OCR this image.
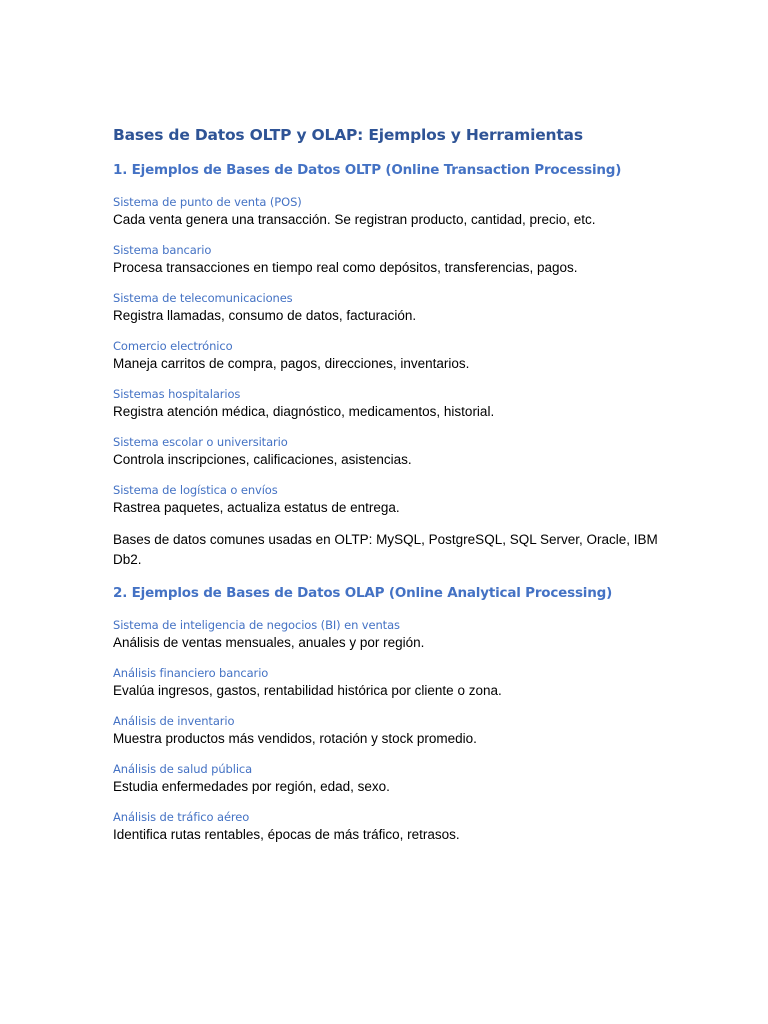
Bases de Datos OLTP y OLAP: Ejemplos y Herramientas
1. Ejemplos de Bases de Datos OLTP (Online Transaction Processing)
Sistema de punto de venta (POS)
Cada venta genera una transacción. Se registran producto, cantidad, precio, etc.
Sistema bancario
Procesa transacciones en tiempo real como depósitos, transferencias, pagos.
Sistema de telecomunicaciones
Registra llamadas, consumo de datos, facturación.
Comercio electrónico
Maneja carritos de compra, pagos, direcciones, inventarios.
Sistemas hospitalarios
Registra atención médica, diagnóstico, medicamentos, historial.
Sistema escolar o universitario
Controla inscripciones, calificaciones, asistencias.
Sistema de logística o envíos
Rastrea paquetes, actualiza estatus de entrega.

Bases de datos comunes usadas en OLTP: MySQL, PostgreSQL, SQL Server, Oracle, IBM Db2.

2. Ejemplos de Bases de Datos OLAP (Online Analytical Processing)
Sistema de inteligencia de negocios (BI) en ventas
Análisis de ventas mensuales, anuales y por región.
Análisis financiero bancario
Evalúa ingresos, gastos, rentabilidad histórica por cliente o zona.
Análisis de inventario
Muestra productos más vendidos, rotación y stock promedio.
Análisis de salud pública
Estudia enfermedades por región, edad, sexo.
Análisis de tráfico aéreo
Identifica rutas rentables, épocas de más tráfico, retrasos.
